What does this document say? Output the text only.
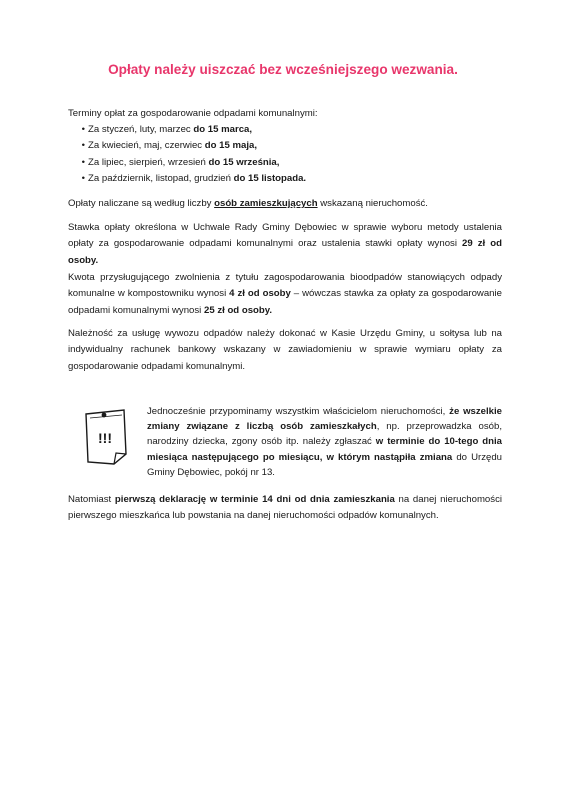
Opłaty należy uiszczać bez wcześniejszego wezwania.
Terminy opłat za gospodarowanie odpadami komunalnymi:
• Za styczeń, luty, marzec do 15 marca,
• Za kwiecień, maj, czerwiec do 15 maja,
• Za lipiec, sierpień, wrzesień do 15 września,
• Za październik, listopad, grudzień do 15 listopada.
Opłaty naliczane są według liczby osób zamieszkujących wskazaną nieruchomość.
Stawka opłaty określona w Uchwale Rady Gminy Dębowiec w sprawie wyboru metody ustalenia opłaty za gospodarowanie odpadami komunalnymi oraz ustalenia stawki opłaty wynosi 29 zł od osoby.
Kwota przysługującego zwolnienia z tytułu zagospodarowania bioodpadów stanowiących odpady komunalne w kompostowniku wynosi 4 zł od osoby – wówczas stawka za opłaty za gospodarowanie odpadami komunalnymi wynosi 25 zł od osoby.
Należność za usługę wywozu odpadów należy dokonać w Kasie Urzędu Gminy, u sołtysa lub na indywidualny rachunek bankowy wskazany w zawiadomieniu w sprawie wymiaru opłaty za gospodarowanie odpadami komunalnymi.
!!!
Jednocześnie przypominamy wszystkim właścicielom nieruchomości, że wszelkie zmiany związane z liczbą osób zamieszkałych, np. przeprowadzka osób, narodziny dziecka, zgony osób itp. należy zgłaszać w terminie do 10-tego dnia miesiąca następującego po miesiącu, w którym nastąpiła zmiana do Urzędu Gminy Dębowiec, pokój nr 13.
Natomiast pierwszą deklarację w terminie 14 dni od dnia zamieszkania na danej nieruchomości pierwszego mieszkańca lub powstania na danej nieruchomości odpadów komunalnych.
